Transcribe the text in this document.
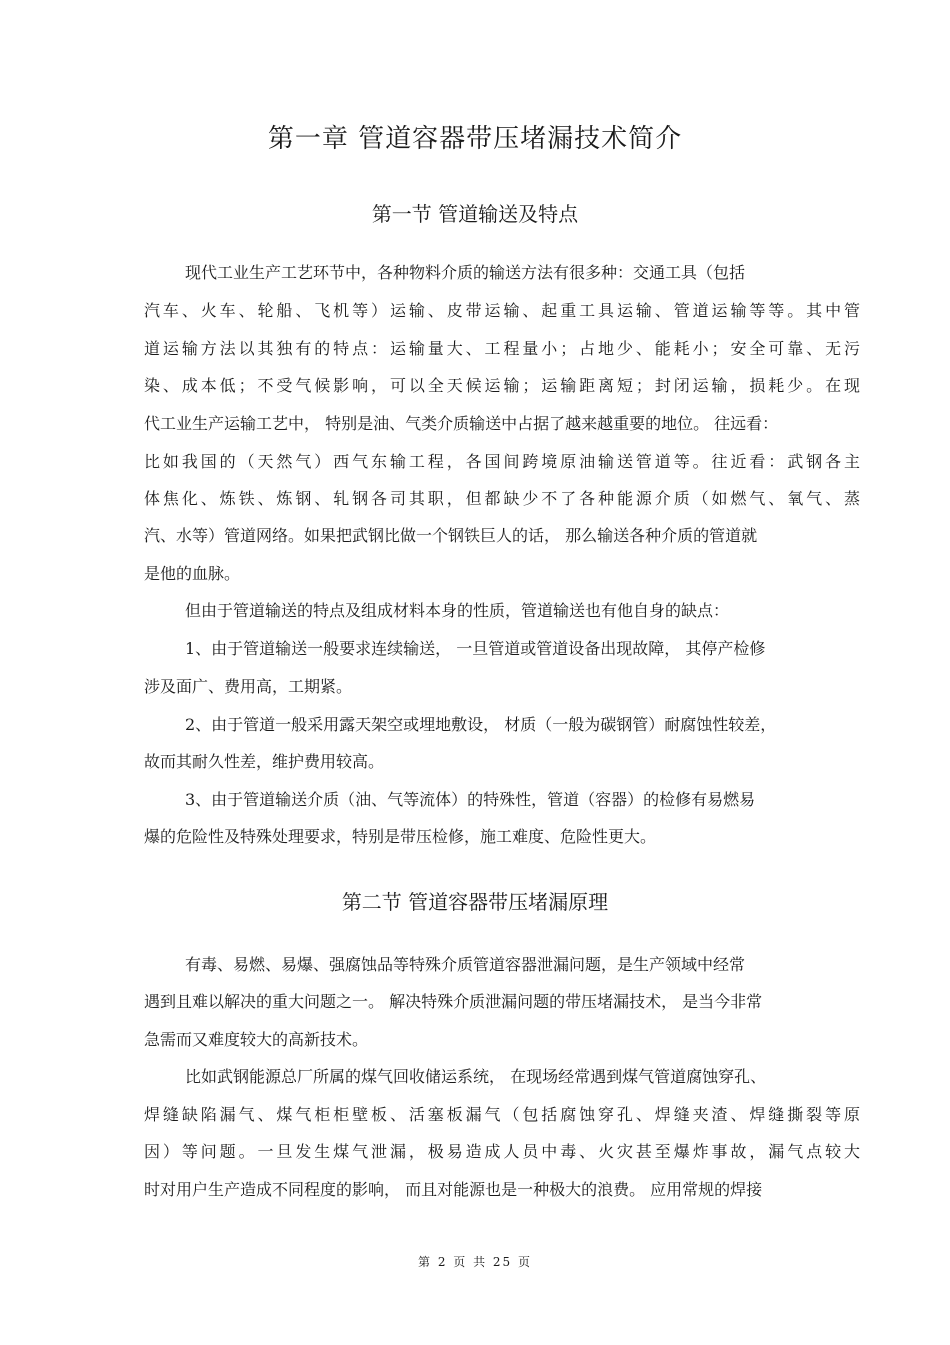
第一章 管道容器带压堵漏技术简介
第一节 管道输送及特点

现代工业生产工艺环节中，各种物料介质的输送方法有很多种：交通工具（包括

汽车、火车、轮船、飞机等）运输、皮带运输、起重工具运输、管道运输等等。其中管

道运输方法以其独有的特点：运输量大、工程量小；占地少、能耗小；安全可靠、无污

染、成本低；不受气候影响，可以全天候运输；运输距离短；封闭运输，损耗少。在现

代工业生产运输工艺中， 特别是油、气类介质输送中占据了越来越重要的地位。 往远看：

比如我国的（天然气）西气东输工程，各国间跨境原油输送管道等。往近看：武钢各主

体焦化、炼铁、炼钢、轧钢各司其职，但都缺少不了各种能源介质（如燃气、氧气、蒸

汽、水等）管道网络。如果把武钢比做一个钢铁巨人的话， 那么输送各种介质的管道就

是他的血脉。

但由于管道输送的特点及组成材料本身的性质，管道输送也有他自身的缺点：

1、由于管道输送一般要求连续输送， 一旦管道或管道设备出现故障， 其停产检修

涉及面广、费用高，工期紧。

2、由于管道一般采用露天架空或埋地敷设， 材质（一般为碳钢管）耐腐蚀性较差，

故而其耐久性差，维护费用较高。

3、由于管道输送介质（油、气等流体）的特殊性，管道（容器）的检修有易燃易

爆的危险性及特殊处理要求，特别是带压检修，施工难度、危险性更大。

第二节 管道容器带压堵漏原理

有毒、易燃、易爆、强腐蚀品等特殊介质管道容器泄漏问题，是生产领域中经常

遇到且难以解决的重大问题之一。 解决特殊介质泄漏问题的带压堵漏技术， 是当今非常

急需而又难度较大的高新技术。

比如武钢能源总厂所属的煤气回收储运系统， 在现场经常遇到煤气管道腐蚀穿孔、

焊缝缺陷漏气、煤气柜柜壁板、活塞板漏气（包括腐蚀穿孔、焊缝夹渣、焊缝撕裂等原

因）等问题。一旦发生煤气泄漏，极易造成人员中毒、火灾甚至爆炸事故，漏气点较大

时对用户生产造成不同程度的影响， 而且对能源也是一种极大的浪费。 应用常规的焊接

第 2 页 共 25 页
